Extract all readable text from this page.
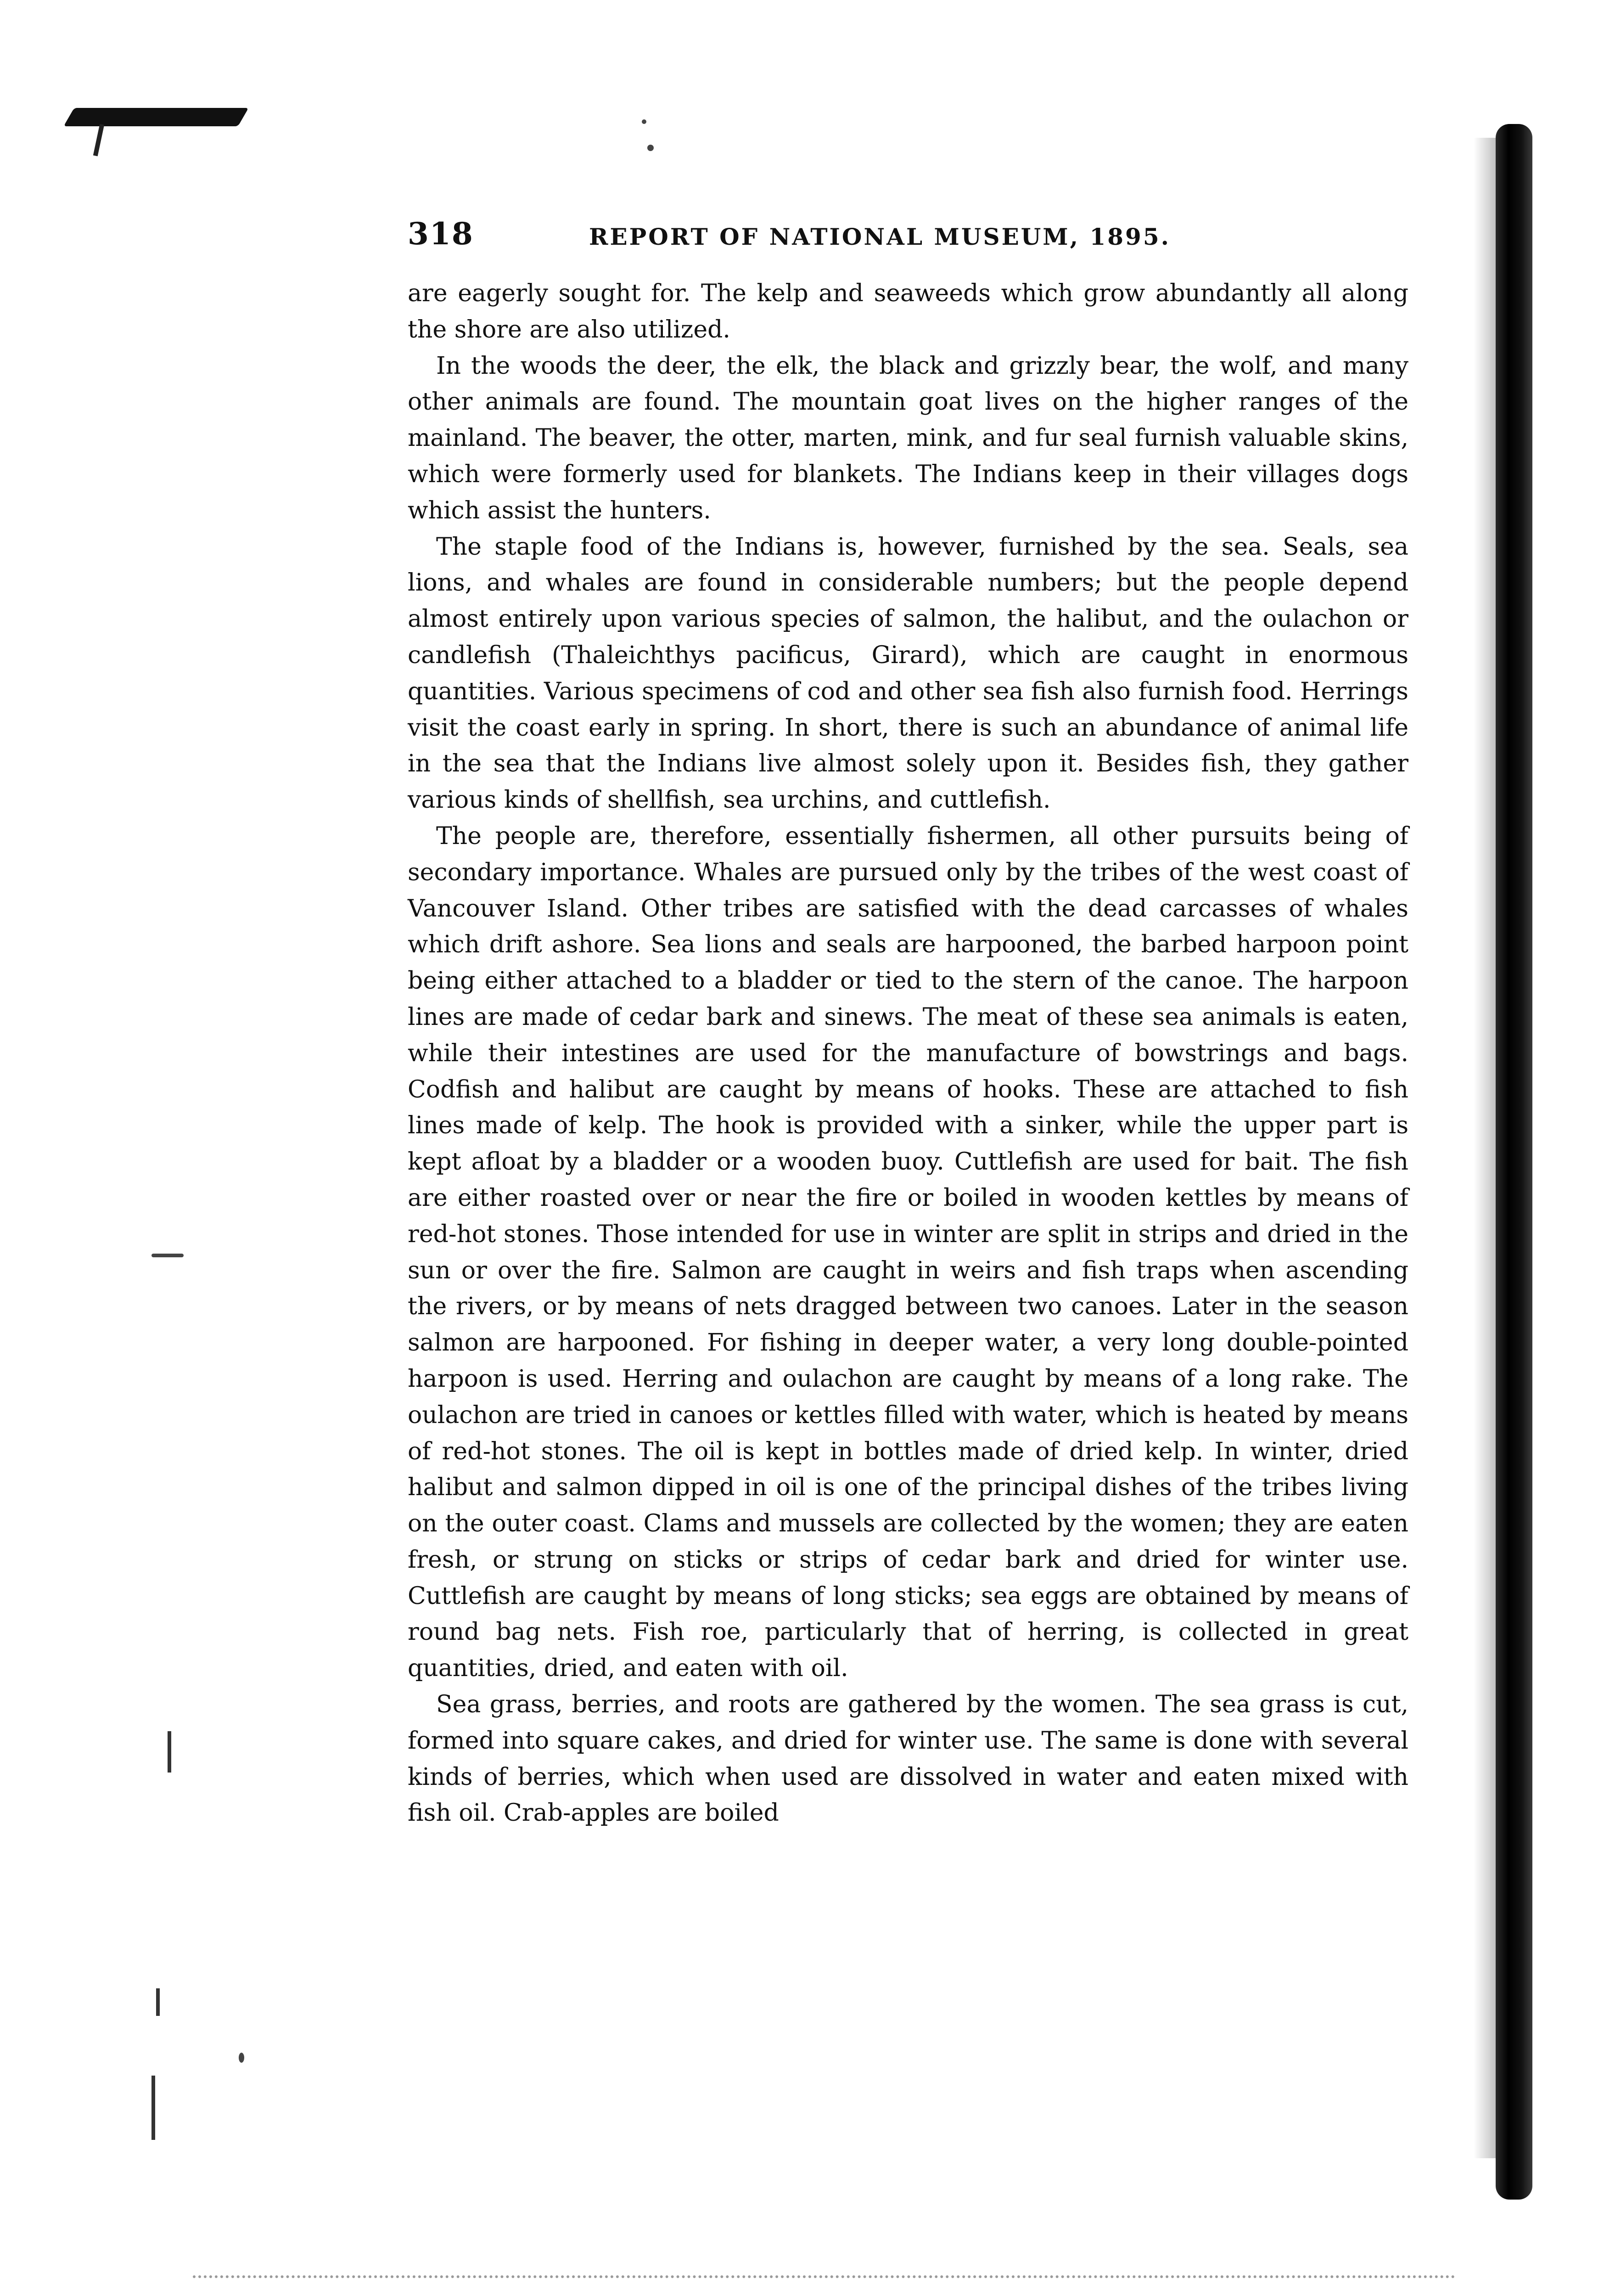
318	REPORT OF NATIONAL MUSEUM, 1895.

are eagerly sought for. The kelp and seaweeds which grow abundantly all along the shore are also utilized.

In the woods the deer, the elk, the black and grizzly bear, the wolf, and many other animals are found. The mountain goat lives on the higher ranges of the mainland. The beaver, the otter, marten, mink, and fur seal furnish valuable skins, which were formerly used for blankets. The Indians keep in their villages dogs which assist the hunters.

The staple food of the Indians is, however, furnished by the sea. Seals, sea lions, and whales are found in considerable numbers; but the people depend almost entirely upon various species of salmon, the halibut, and the oulachon or candlefish (Thaleichthys pacificus, Girard), which are caught in enormous quantities. Various specimens of cod and other sea fish also furnish food. Herrings visit the coast early in spring. In short, there is such an abundance of animal life in the sea that the Indians live almost solely upon it. Besides fish, they gather various kinds of shellfish, sea urchins, and cuttlefish.

The people are, therefore, essentially fishermen, all other pursuits being of secondary importance. Whales are pursued only by the tribes of the west coast of Vancouver Island. Other tribes are satisfied with the dead carcasses of whales which drift ashore. Sea lions and seals are harpooned, the barbed harpoon point being either attached to a bladder or tied to the stern of the canoe. The harpoon lines are made of cedar bark and sinews. The meat of these sea animals is eaten, while their intestines are used for the manufacture of bowstrings and bags. Codfish and halibut are caught by means of hooks. These are attached to fish lines made of kelp. The hook is provided with a sinker, while the upper part is kept afloat by a bladder or a wooden buoy. Cuttlefish are used for bait. The fish are either roasted over or near the fire or boiled in wooden kettles by means of red-hot stones. Those intended for use in winter are split in strips and dried in the sun or over the fire. Salmon are caught in weirs and fish traps when ascending the rivers, or by means of nets dragged between two canoes. Later in the season salmon are harpooned. For fishing in deeper water, a very long double-pointed harpoon is used. Herring and oulachon are caught by means of a long rake. The oulachon are tried in canoes or kettles filled with water, which is heated by means of red-hot stones. The oil is kept in bottles made of dried kelp. In winter, dried halibut and salmon dipped in oil is one of the principal dishes of the tribes living on the outer coast. Clams and mussels are collected by the women; they are eaten fresh, or strung on sticks or strips of cedar bark and dried for winter use. Cuttlefish are caught by means of long sticks; sea eggs are obtained by means of round bag nets. Fish roe, particularly that of herring, is collected in great quantities, dried, and eaten with oil.

Sea grass, berries, and roots are gathered by the women. The sea grass is cut, formed into square cakes, and dried for winter use. The same is done with several kinds of berries, which when used are dissolved in water and eaten mixed with fish oil. Crab-apples are boiled
